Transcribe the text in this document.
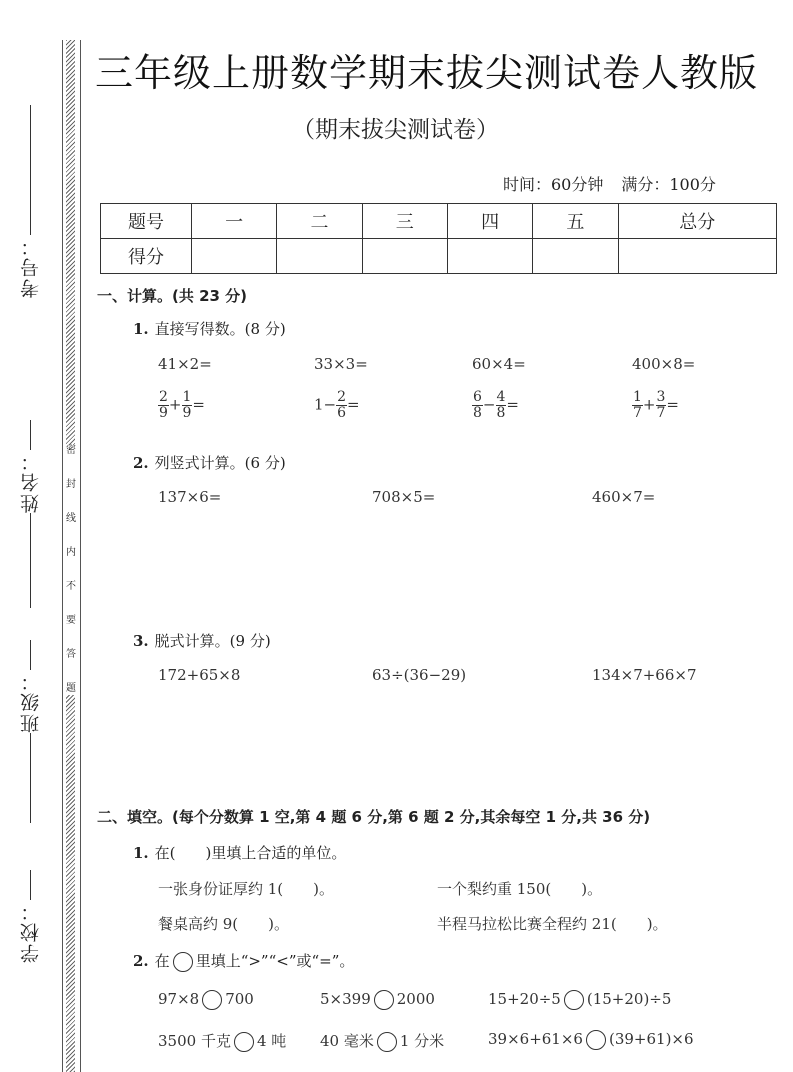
密
封
线
内
不
要
答
题
考号：
姓名：
班级：
学校：
三年级上册数学期末拔尖测试卷人教版
（期末拔尖测试卷）
时间：60分钟 满分：100分
题号	一	二	三	四	五	总分
得分						
一、计算。(共 23 分)
1. 直接写得数。(8 分)
41×2=	33×3=	60×4=	400×8=
$\frac{2}{9} + \frac{1}{9}$ =	$1- \frac{2}{6}$ =	$\frac{6}{8} - \frac{4}{8}$ =	$\frac{1}{7} + \frac{3}{7}$ =
2. 列竖式计算。(6 分)
137×6=	708×5=	460×7=
3. 脱式计算。(9 分)
172+65×8	63÷(36−29)	134×7+66×7
二、填空。(每个分数算 1 空,第 4 题 6 分,第 6 题 2 分,其余每空 1 分,共 36 分)
1. 在(　　)里填上合适的单位。
一张身份证厚约 1(　　)。	一个梨约重 150(　　)。
餐桌高约 9(　　)。	半程马拉松比赛全程约 21(　　)。
2. 在 里填上“>”“<”或“=”。
97×8 700	5×399 2000	15+20÷5 (15+20)÷5
3500 千克 4 吨 40 毫米 1 分米	39×6+61×6 (39+61)×6
